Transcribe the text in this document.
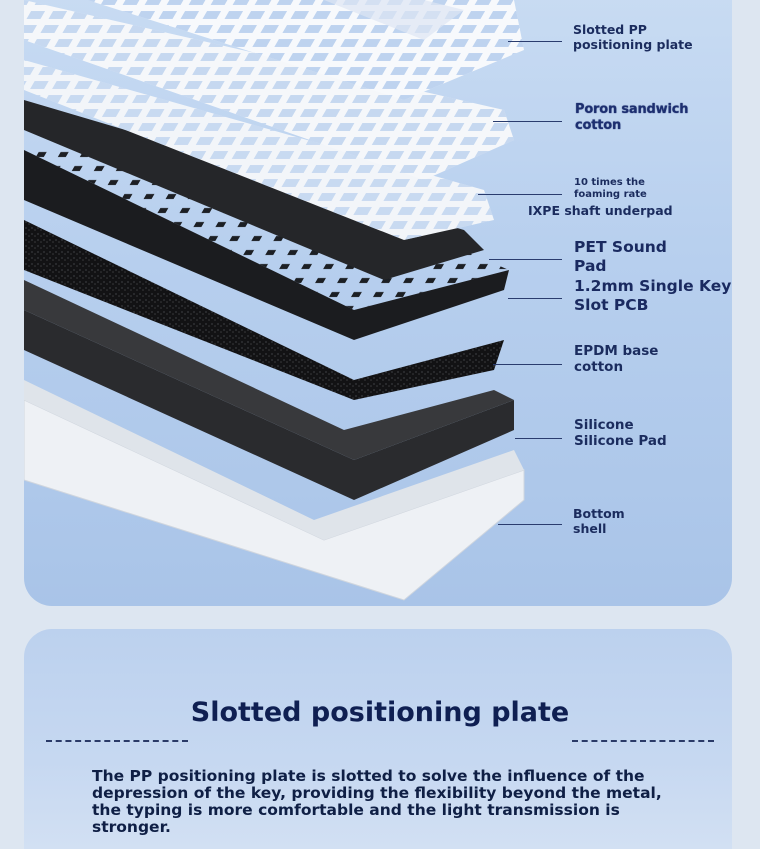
Slotted PP
positioning plate
Poron sandwich
cotton
10 times the
foaming rate
IXPE shaft underpad
PET Sound
Pad
1.2mm Single Key
Slot PCB
EPDM base
cotton
Silicone
Silicone Pad
Bottom
shell
Slotted positioning plate
The PP positioning plate is slotted to solve the influence of the depression of the key, providing the flexibility beyond the metal, the typing is more comfortable and the light transmission is stronger.
